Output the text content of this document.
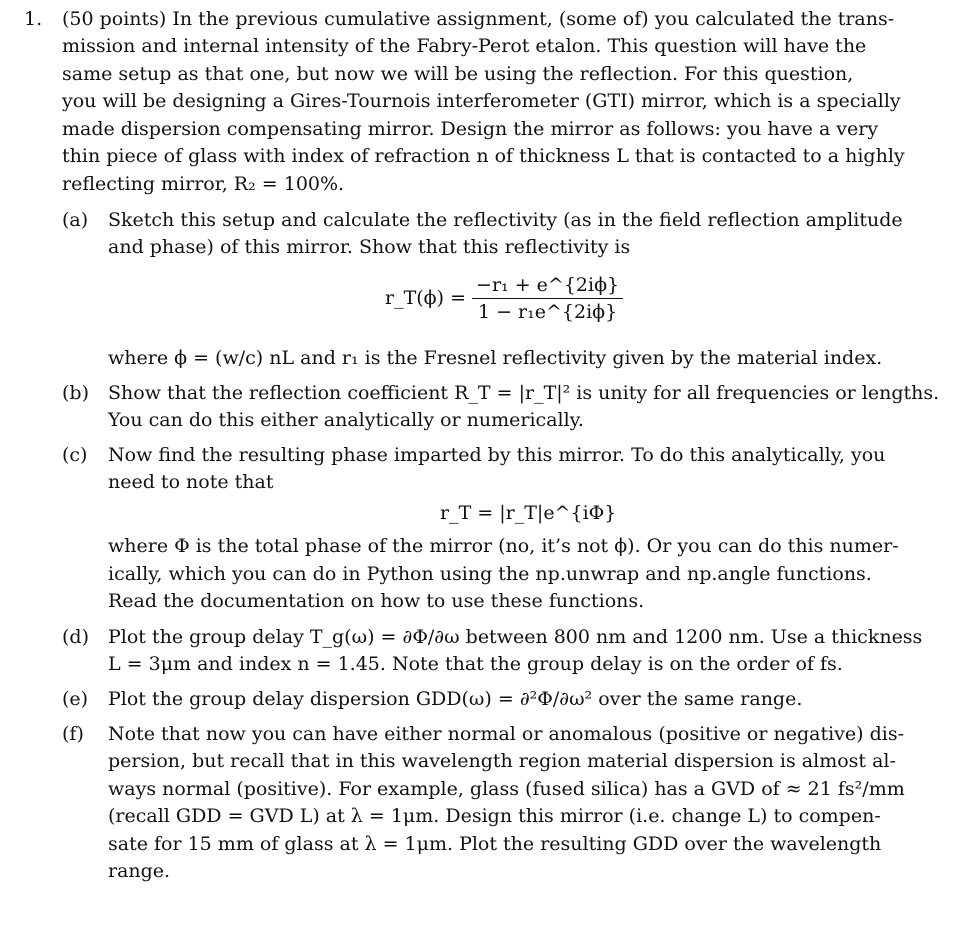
1. (50 points) In the previous cumulative assignment, (some of) you calculated the trans-
mission and internal intensity of the Fabry-Perot etalon. This question will have the
same setup as that one, but now we will be using the reflection. For this question,
you will be designing a Gires-Tournois interferometer (GTI) mirror, which is a specially
made dispersion compensating mirror. Design the mirror as follows: you have a very
thin piece of glass with index of refraction n of thickness L that is contacted to a highly
reflecting mirror, R₂ = 100%.
(a) Sketch this setup and calculate the reflectivity (as in the field reflection amplitude
and phase) of this mirror. Show that this reflectivity is
r_T(ϕ) = $\frac{\text{−r₁ + e\textasciicircum{}\{2iϕ\}}}{\text{1 − r₁e\textasciicircum{}\{2iϕ\}}}$
where ϕ = (w/c) nL and r₁ is the Fresnel reflectivity given by the material index.
(b) Show that the reflection coefficient R_T = |r_T|² is unity for all frequencies or lengths.
You can do this either analytically or numerically.
(c) Now find the resulting phase imparted by this mirror. To do this analytically, you
need to note that
r_T = |r_T|e^{iΦ}
where Φ is the total phase of the mirror (no, it’s not ϕ). Or you can do this numer-
ically, which you can do in Python using the np.unwrap and np.angle functions.
Read the documentation on how to use these functions.
(d) Plot the group delay T_g(ω) = ∂Φ/∂ω between 800 nm and 1200 nm. Use a thickness
L = 3μm and index n = 1.45. Note that the group delay is on the order of fs.
(e) Plot the group delay dispersion GDD(ω) = ∂²Φ/∂ω² over the same range.
(f) Note that now you can have either normal or anomalous (positive or negative) dis-
persion, but recall that in this wavelength region material dispersion is almost al-
ways normal (positive). For example, glass (fused silica) has a GVD of ≈ 21 fs²/mm
(recall GDD = GVD L) at λ = 1μm. Design this mirror (i.e. change L) to compen-
sate for 15 mm of glass at λ = 1μm. Plot the resulting GDD over the wavelength
range.
